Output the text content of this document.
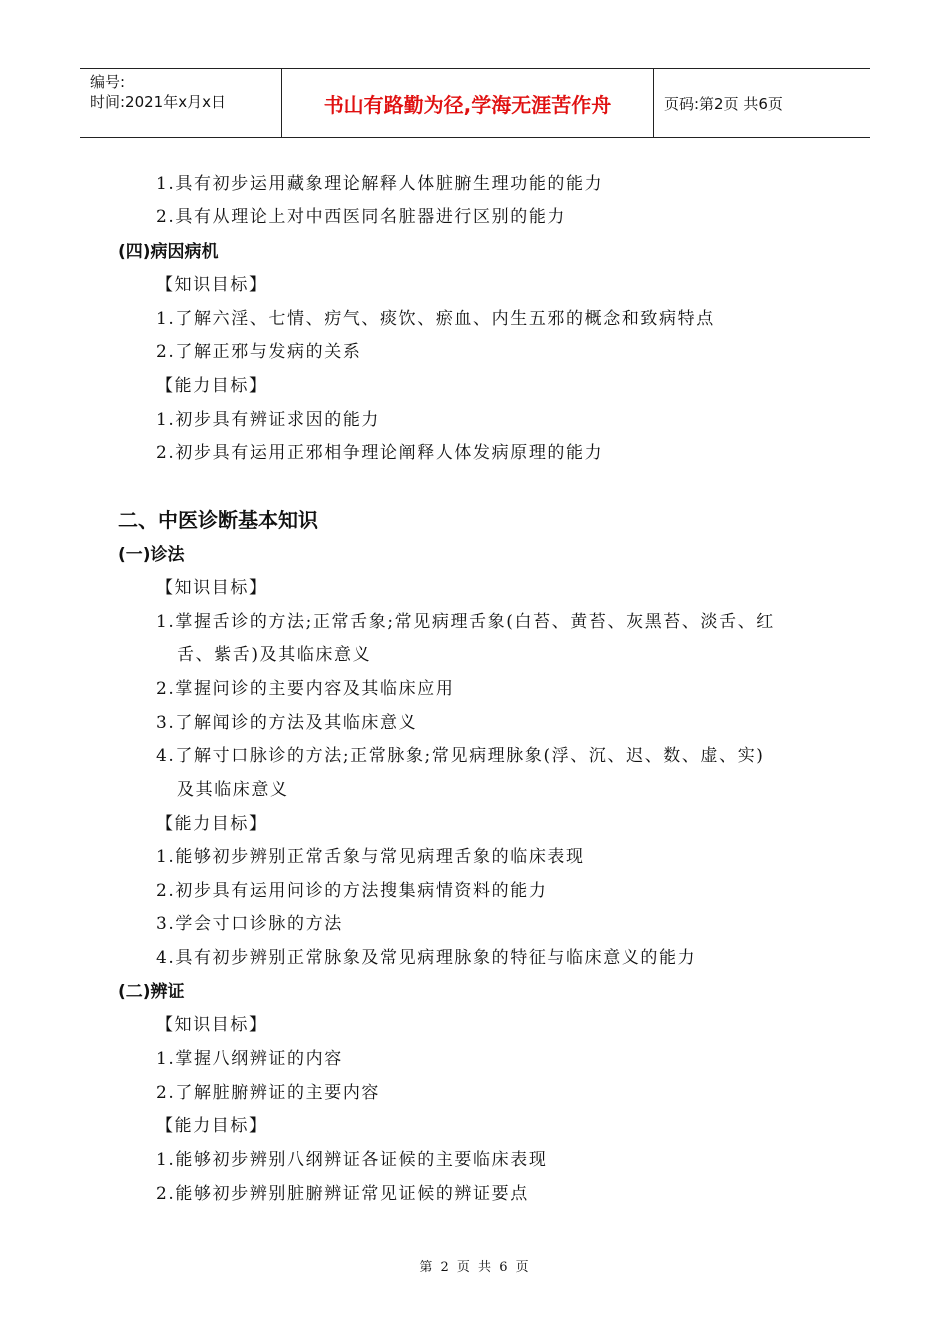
编号:
时间:2021年x月x日	书山有路勤为径,学海无涯苦作舟	页码:第2页 共6页
1.具有初步运用藏象理论解释人体脏腑生理功能的能力
2.具有从理论上对中西医同名脏器进行区别的能力
(四)病因病机
【知识目标】
1.了解六淫、七情、疠气、痰饮、瘀血、内生五邪的概念和致病特点
2.了解正邪与发病的关系
【能力目标】
1.初步具有辨证求因的能力
2.初步具有运用正邪相争理论阐释人体发病原理的能力
二、中医诊断基本知识
(一)诊法
【知识目标】
1.掌握舌诊的方法;正常舌象;常见病理舌象(白苔、黄苔、灰黑苔、淡舌、红
舌、紫舌)及其临床意义
2.掌握问诊的主要内容及其临床应用
3.了解闻诊的方法及其临床意义
4.了解寸口脉诊的方法;正常脉象;常见病理脉象(浮、沉、迟、数、虚、实)
及其临床意义
【能力目标】
1.能够初步辨别正常舌象与常见病理舌象的临床表现
2.初步具有运用问诊的方法搜集病情资料的能力
3.学会寸口诊脉的方法
4.具有初步辨别正常脉象及常见病理脉象的特征与临床意义的能力
(二)辨证
【知识目标】
1.掌握八纲辨证的内容
2.了解脏腑辨证的主要内容
【能力目标】
1.能够初步辨别八纲辨证各证候的主要临床表现
2.能够初步辨别脏腑辨证常见证候的辨证要点
第 2 页 共 6 页
